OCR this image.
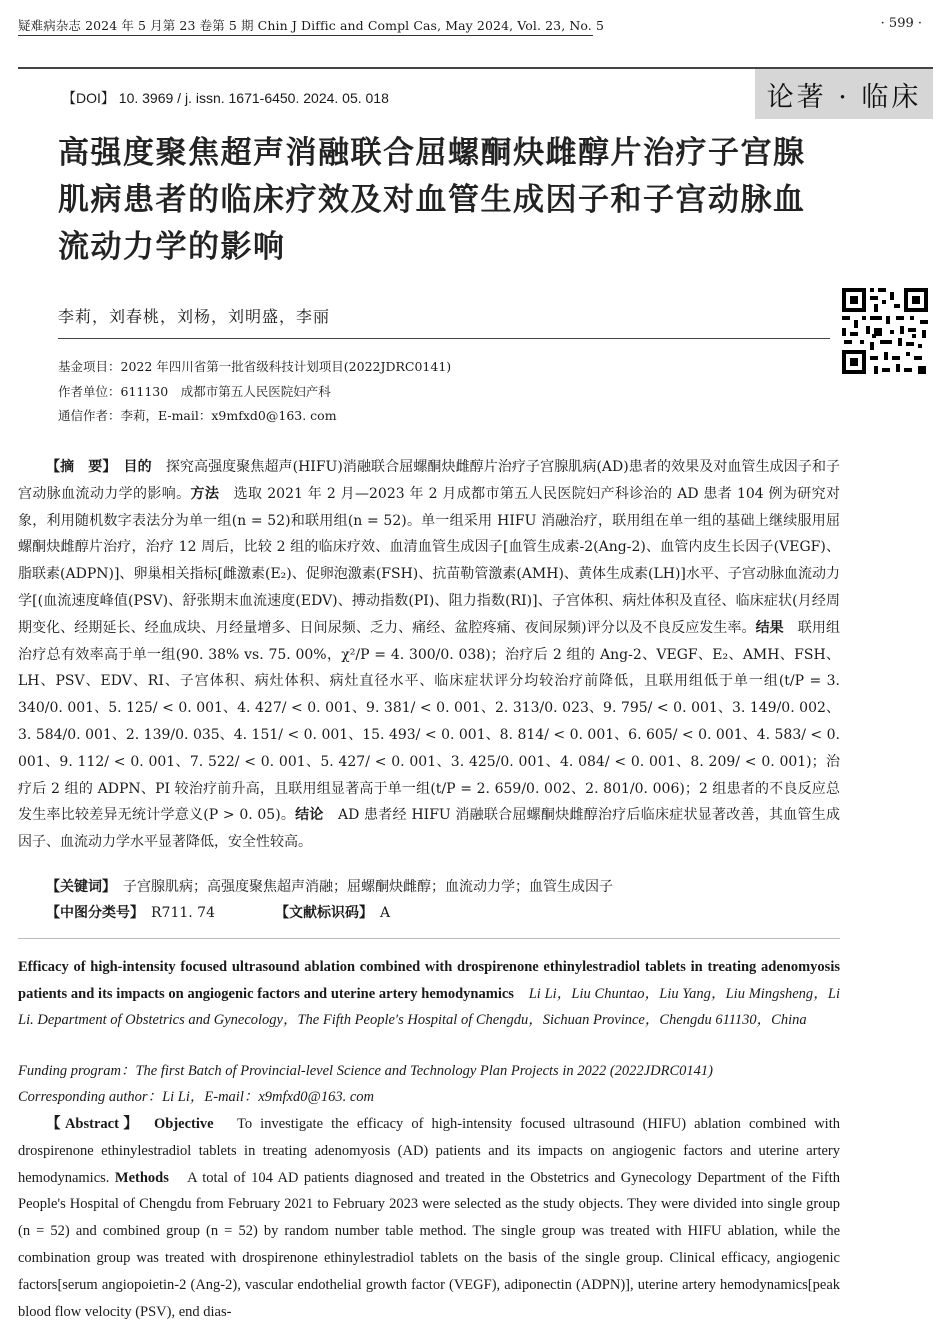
疑难病杂志 2024 年 5 月第 23 卷第 5 期 Chin J Diffic and Compl Cas, May 2024, Vol. 23, No. 5	· 599 ·
【DOI】 10. 3969 / j. issn. 1671-6450. 2024. 05. 018	论著 · 临床
高强度聚焦超声消融联合屈螺酮炔雌醇片治疗子宫腺肌病患者的临床疗效及对血管生成因子和子宫动脉血流动力学的影响
李莉，刘春桃，刘杨，刘明盛，李丽
基金项目：2022 年四川省第一批省级科技计划项目(2022JDRC0141)
作者单位：611130　成都市第五人民医院妇产科
通信作者：李莉，E-mail：x9mfxd0@163. com

【摘　要】　 目的　 探究高强度聚焦超声(HIFU)消融联合屈螺酮炔雌醇片治疗子宫腺肌病(AD)患者的效果及对血管生成因子和子宫动脉血流动力学的影响。方法　 选取 2021 年 2 月—2023 年 2 月成都市第五人民医院妇产科诊治的 AD 患者 104 例为研究对象，利用随机数字表法分为单一组(n = 52)和联用组(n = 52)。单一组采用 HIFU 消融治疗，联用组在单一组的基础上继续服用屈螺酮炔雌醇片治疗，治疗 12 周后，比较 2 组的临床疗效、血清血管生成因子[血管生成素-2(Ang-2)、血管内皮生长因子(VEGF)、脂联素(ADPN)]、卵巢相关指标[雌激素(E₂)、促卵泡激素(FSH)、抗苗勒管激素(AMH)、黄体生成素(LH)]水平、子宫动脉血流动力学[(血流速度峰值(PSV)、舒张期末血流速度(EDV)、搏动指数(PI)、阻力指数(RI)]、子宫体积、病灶体积及直径、临床症状(月经周期变化、经期延长、经血成块、月经量增多、日间尿频、乏力、痛经、盆腔疼痛、夜间尿频)评分以及不良反应发生率。结果　 联用组治疗总有效率高于单一组(90. 38% vs. 75. 00%，χ²/P = 4. 300/0. 038)；治疗后 2 组的 Ang-2、VEGF、E₂、AMH、FSH、LH、PSV、EDV、RI、子宫体积、病灶体积、病灶直径水平、临床症状评分均较治疗前降低，且联用组低于单一组(t/P = 3. 340/0. 001、5. 125/ < 0. 001、4. 427/ < 0. 001、9. 381/ < 0. 001、2. 313/0. 023、9. 795/ < 0. 001、3. 149/0. 002、3. 584/0. 001、2. 139/0. 035、4. 151/ < 0. 001、15. 493/ < 0. 001、8. 814/ < 0. 001、6. 605/ < 0. 001、4. 583/ < 0. 001、9. 112/ < 0. 001、7. 522/ < 0. 001、5. 427/ < 0. 001、3. 425/0. 001、4. 084/ < 0. 001、8. 209/ < 0. 001)；治疗后 2 组的 ADPN、PI 较治疗前升高，且联用组显著高于单一组(t/P = 2. 659/0. 002、2. 801/0. 006)；2 组患者的不良反应总发生率比较差异无统计学意义(P > 0. 05)。结论　 AD 患者经 HIFU 消融联合屈螺酮炔雌醇治疗后临床症状显著改善，其血管生成因子、血流动力学水平显著降低，安全性较高。

【关键词】　 子宫腺肌病；高强度聚焦超声消融；屈螺酮炔雌醇；血流动力学；血管生成因子
【中图分类号】　 R711. 74	【文献标识码】　 A

Efficacy of high-intensity focused ultrasound ablation combined with drospirenone ethinylestradiol tablets in treating adenomyosis patients and its impacts on angiogenic factors and uterine artery hemodynamics　 Li Li，Liu Chuntao，Liu Yang，Liu Mingsheng，Li Li. Department of Obstetrics and Gynecology，The Fifth People′s Hospital of Chengdu，Sichuan Province，Chengdu 611130，China

Funding program：The first Batch of Provincial-level Science and Technology Plan Projects in 2022 (2022JDRC0141)

Corresponding author：Li Li，E-mail：x9mfxd0@163. com

【Abstract】　 Objective　 To investigate the efficacy of high-intensity focused ultrasound (HIFU) ablation combined with drospirenone ethinylestradiol tablets in treating adenomyosis (AD) patients and its impacts on angiogenic factors and uterine artery hemodynamics. Methods　 A total of 104 AD patients diagnosed and treated in the Obstetrics and Gynecology Department of the Fifth People's Hospital of Chengdu from February 2021 to February 2023 were selected as the study objects. They were divided into single group (n = 52) and combined group (n = 52) by random number table method. The single group was treated with HIFU ablation, while the combination group was treated with drospirenone ethinylestradiol tablets on the basis of the single group. Clinical efficacy, angiogenic factors[serum angiopoietin-2 (Ang-2), vascular endothelial growth factor (VEGF), adiponectin (ADPN)], uterine artery hemodynamics[peak blood flow velocity (PSV), end dias-
